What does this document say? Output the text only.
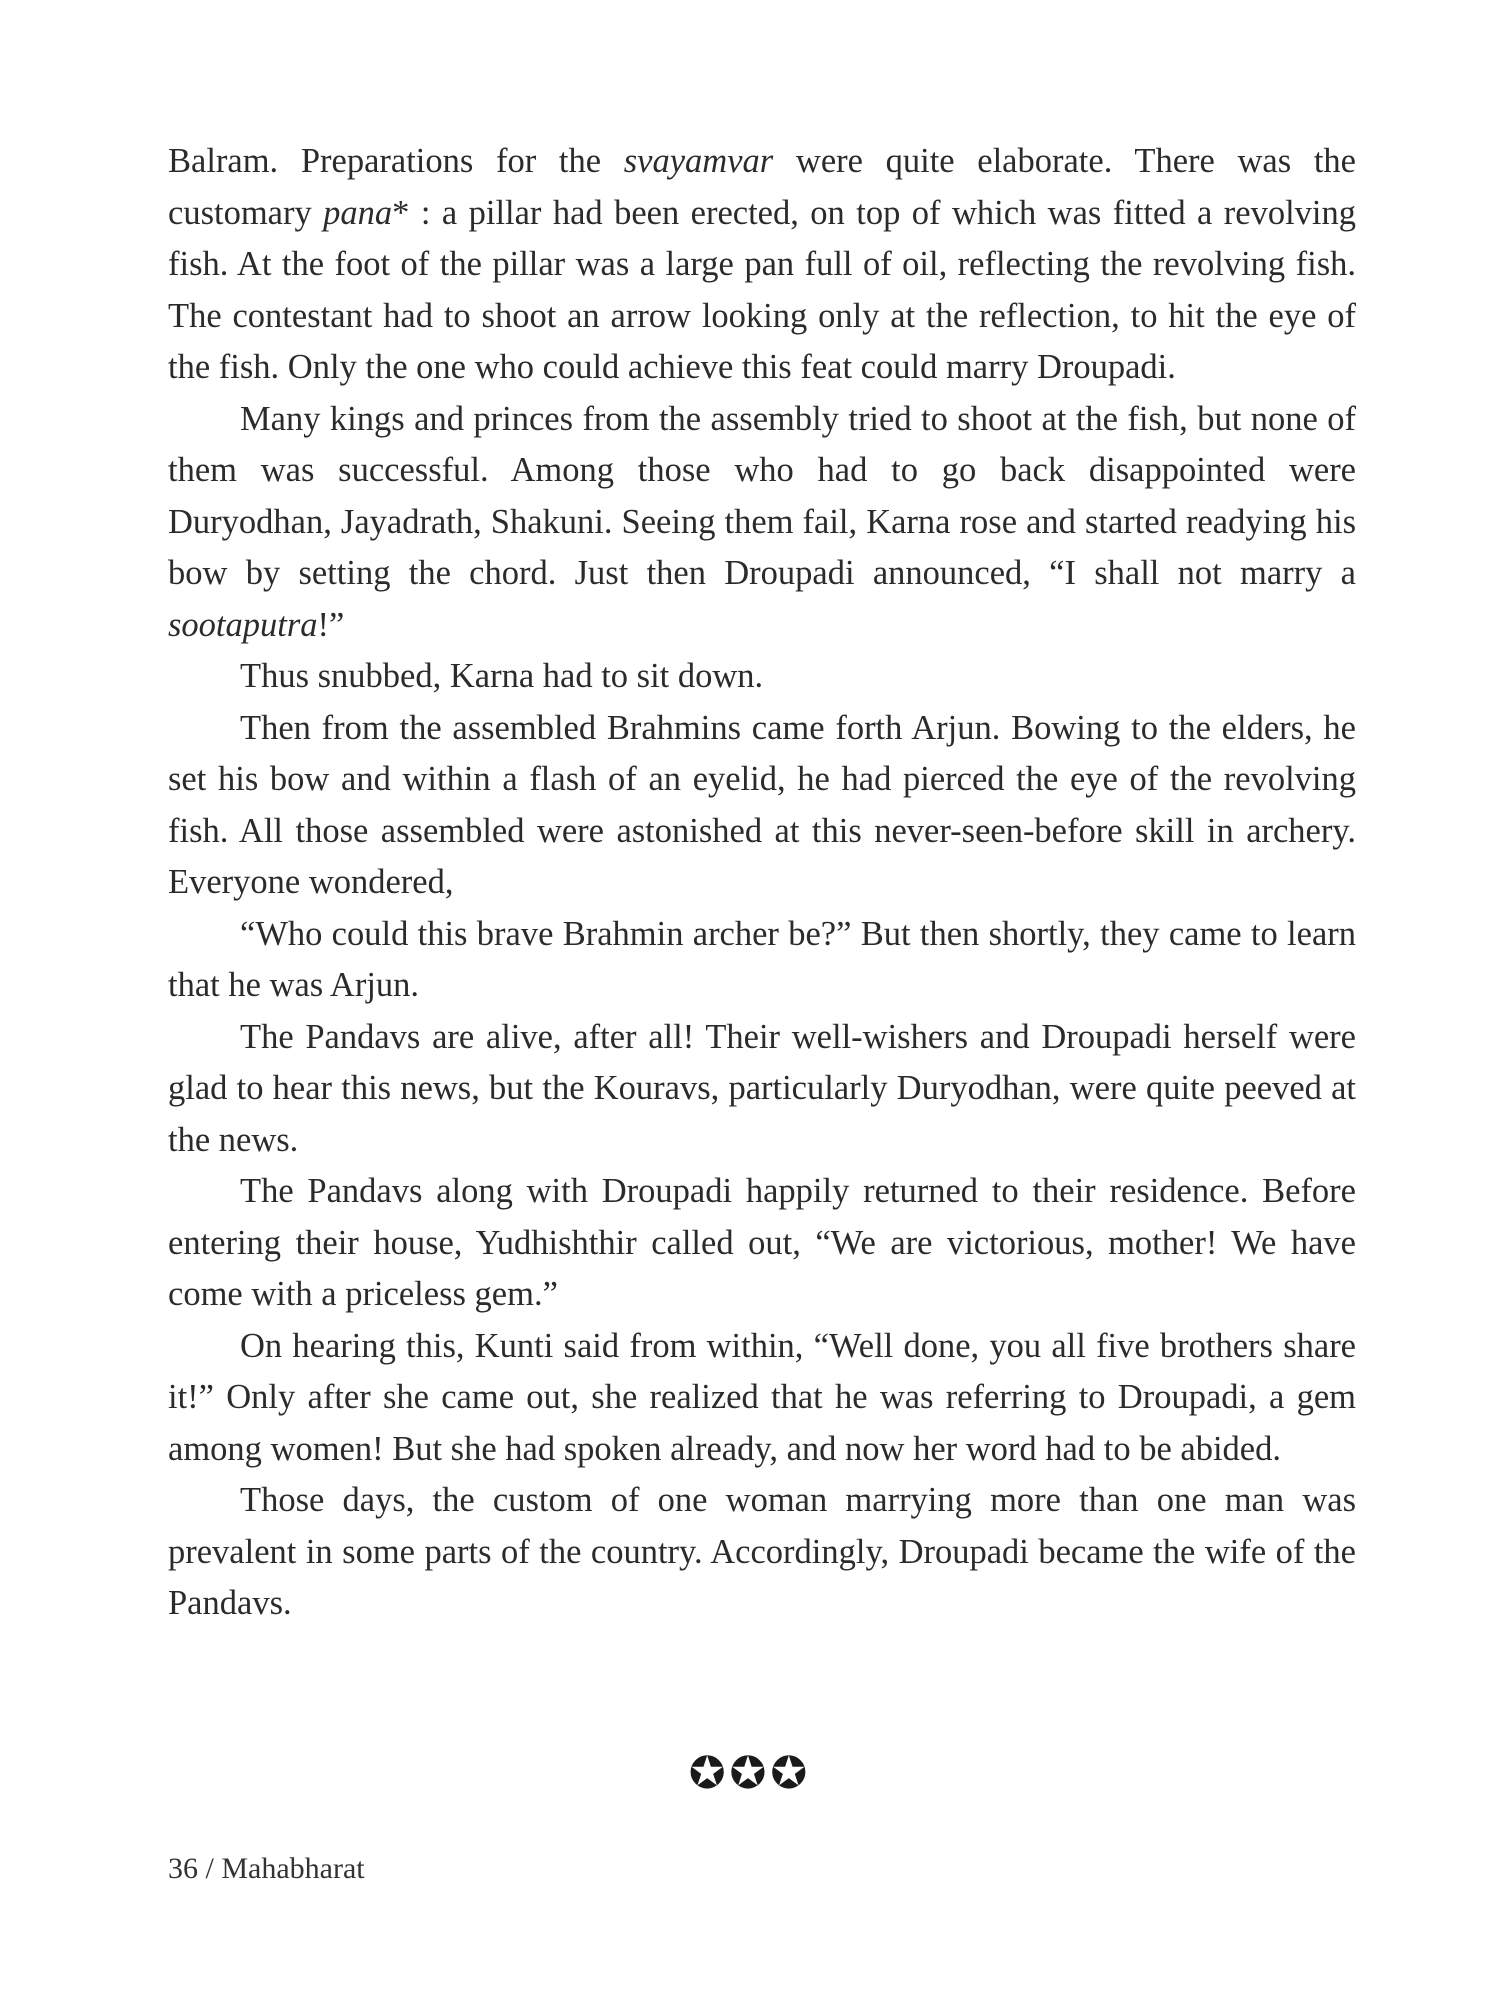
Balram. Preparations for the svayamvar were quite elaborate. There was the customary pana* : a pillar had been erected, on top of which was fitted a revolving fish. At the foot of the pillar was a large pan full of oil, reflecting the revolving fish. The contestant had to shoot an arrow looking only at the reflection, to hit the eye of the fish. Only the one who could achieve this feat could marry Droupadi.

Many kings and princes from the assembly tried to shoot at the fish, but none of them was successful. Among those who had to go back disappointed were Duryodhan, Jayadrath, Shakuni. Seeing them fail, Karna rose and started readying his bow by setting the chord. Just then Droupadi announced, “I shall not marry a sootaputra!”

Thus snubbed, Karna had to sit down.

Then from the assembled Brahmins came forth Arjun. Bowing to the elders, he set his bow and within a flash of an eyelid, he had pierced the eye of the revolving fish. All those assembled were astonished at this never-seen-before skill in archery. Everyone wondered,

“Who could this brave Brahmin archer be?” But then shortly, they came to learn that he was Arjun.

The Pandavs are alive, after all! Their well-wishers and Droupadi herself were glad to hear this news, but the Kouravs, particularly Duryodhan, were quite peeved at the news.

The Pandavs along with Droupadi happily returned to their residence. Before entering their house, Yudhishthir called out, “We are victorious, mother! We have come with a priceless gem.”

On hearing this, Kunti said from within, “Well done, you all five brothers share it!” Only after she came out, she realized that he was referring to Droupadi, a gem among women! But she had spoken already, and now her word had to be abided.

Those days, the custom of one woman marrying more than one man was prevalent in some parts of the country. Accordingly, Droupadi became the wife of the Pandavs.

✪✪✪
36 / Mahabharat
